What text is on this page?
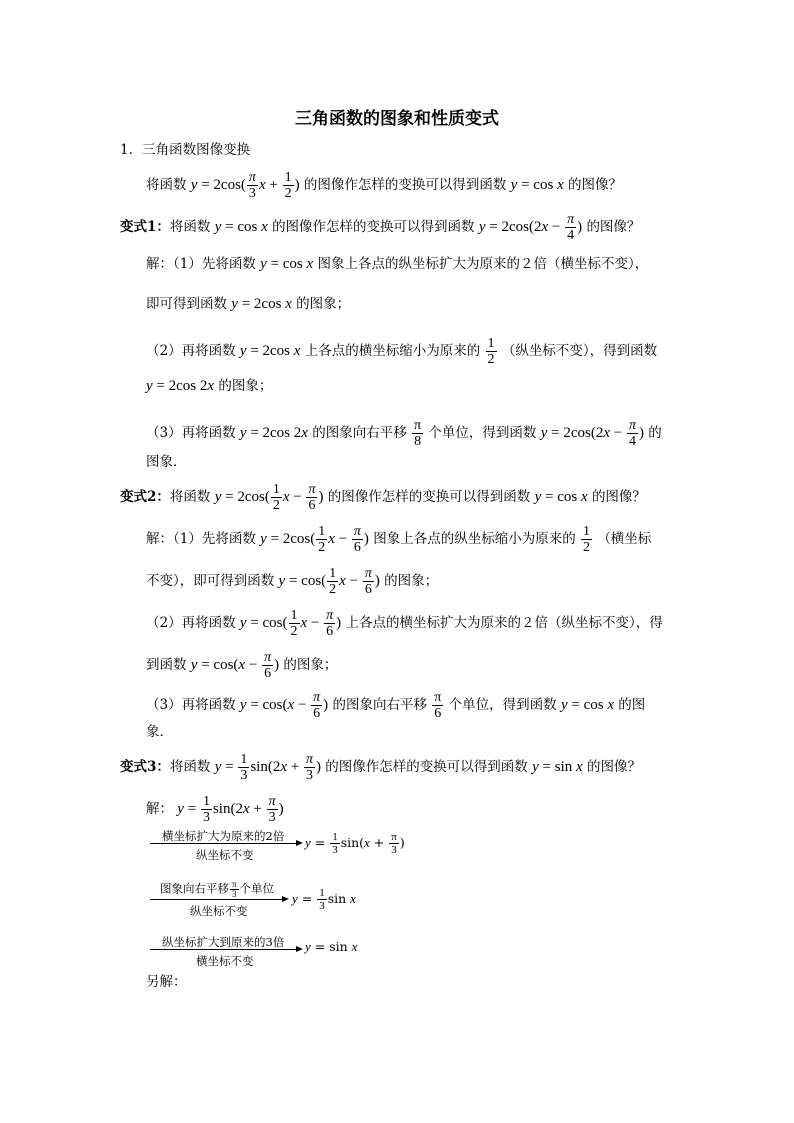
三角函数的图象和性质变式
1．三角函数图像变换
将函数 $y = 2\cos( \frac{\pi}{3}$ $x + \frac{1}{2}$ ) 的图像作怎样的变换可以得到函数 y = cos x 的图像？
变式1：将函数 y = cos x 的图像作怎样的变换可以得到函数 $y = 2\cos(2x - \frac{\pi}{4}$ ) 的图像？
解：（1）先将函数 y = cos x 图象上各点的纵坐标扩大为原来的２倍（横坐标不变），
即可得到函数 y = 2cos x 的图象；
（2）再将函数 y = 2cos x 上各点的横坐标缩小为原来的 $\frac{1}{2}$ （纵坐标不变），得到函数
y = 2cos 2x 的图象；
（3）再将函数 y = 2cos 2x 的图象向右平移 $\frac{\pi}{8}$ 个单位，得到函数 $y = 2\cos(2x - \frac{\pi}{4}$ ) 的
图象．
变式2：将函数 $y = 2\cos( \frac{1}{2}$ $x - \frac{\pi}{6}$ ) 的图像作怎样的变换可以得到函数 y = cos x 的图像？
解：（1）先将函数 $y = 2\cos( \frac{1}{2}$ $x - \frac{\pi}{6}$ ) 图象上各点的纵坐标缩小为原来的 $\frac{1}{2}$ （横坐标
不变），即可得到函数 $y = \cos( \frac{1}{2}$ $x - \frac{\pi}{6}$ ) 的图象；
（2）再将函数 $y = \cos( \frac{1}{2}$ $x - \frac{\pi}{6}$ ) 上各点的横坐标扩大为原来的２倍（纵坐标不变），得
到函数 $y = \cos(x - \frac{\pi}{6}$ ) 的图象；
（3）再将函数 $y = \cos(x - \frac{\pi}{6}$ ) 的图象向右平移 $\frac{\pi}{6}$ 个单位，得到函数 y = cos x 的图
象．
变式3：将函数 $y = \frac{1}{3} \sin(2x + \frac{\pi}{3}$ ) 的图像作怎样的变换可以得到函数 y = sin x 的图像？
解： $y = \frac{1}{3} \sin(2x + \frac{\pi}{3}$ )
横坐标扩大为原来的2倍
纵坐标不变
$y = \frac{1}{3} \sin(x + \frac{\pi}{3}$ )
图象向右平移 $\frac{\pi}{3}$ 个单位
纵坐标不变
$y = \frac{1}{3}$ sin x
纵坐标扩大到原来的3倍
横坐标不变
y = sin x
另解：
